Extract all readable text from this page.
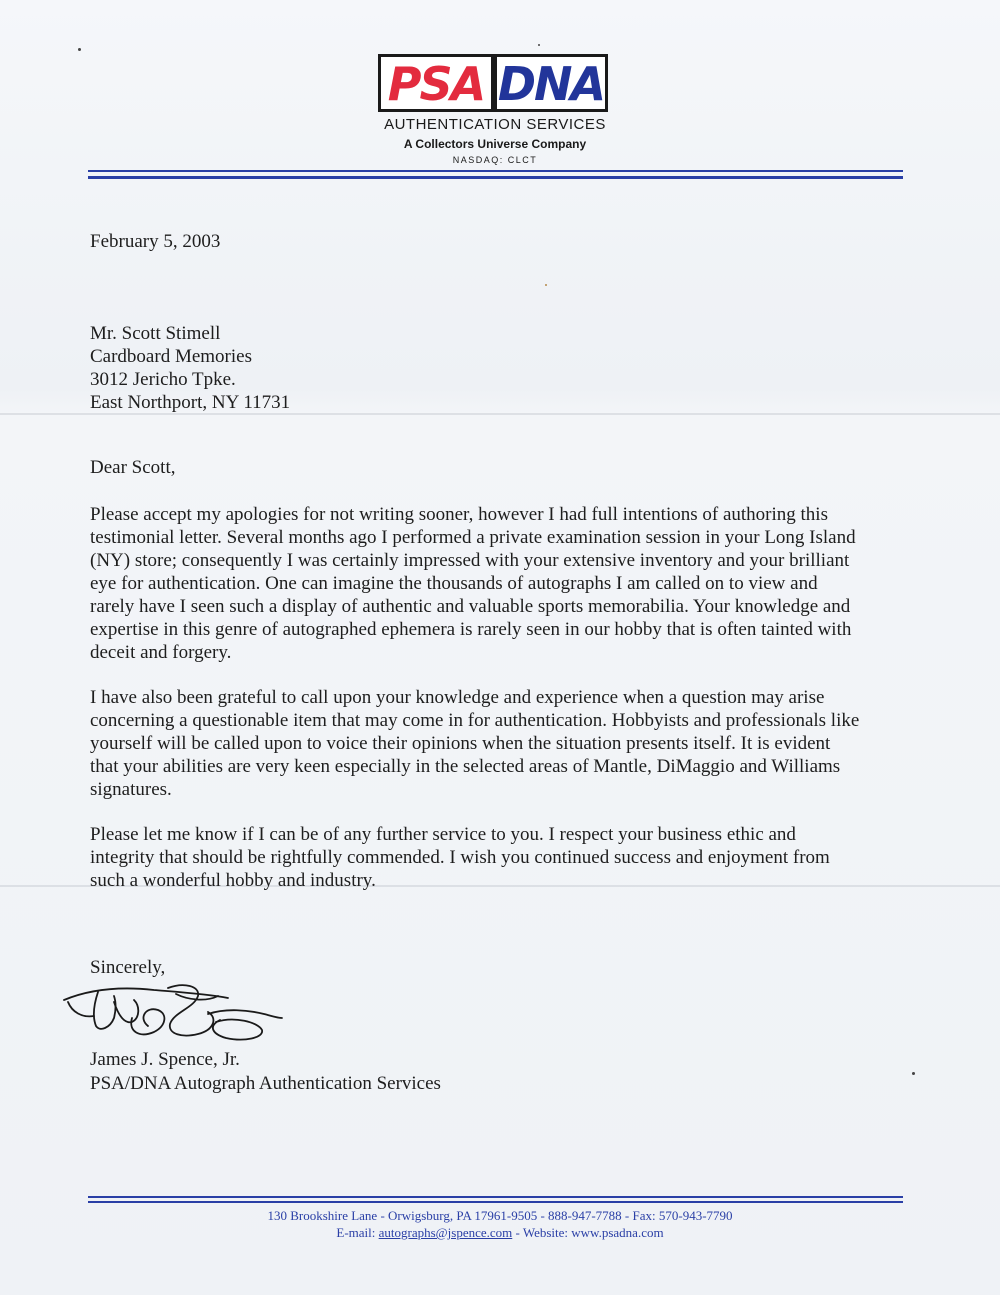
PSA DNA
AUTHENTICATION SERVICES
A Collectors Universe Company
NASDAQ: CLCT
February 5, 2003
Mr. Scott Stimell
Cardboard Memories
3012 Jericho Tpke.
East Northport, NY 11731
Dear Scott,

Please accept my apologies for not writing sooner, however I had full intentions of authoring this

testimonial letter. Several months ago I performed a private examination session in your Long Island

(NY) store; consequently I was certainly impressed with your extensive inventory and your brilliant

eye for authentication. One can imagine the thousands of autographs I am called on to view and

rarely have I seen such a display of authentic and valuable sports memorabilia. Your knowledge and

expertise in this genre of autographed ephemera is rarely seen in our hobby that is often tainted with

deceit and forgery.

I have also been grateful to call upon your knowledge and experience when a question may arise

concerning a questionable item that may come in for authentication. Hobbyists and professionals like

yourself will be called upon to voice their opinions when the situation presents itself. It is evident

that your abilities are very keen especially in the selected areas of Mantle, DiMaggio and Williams

signatures.

Please let me know if I can be of any further service to you. I respect your business ethic and

integrity that should be rightfully commended. I wish you continued success and enjoyment from

such a wonderful hobby and industry.

Sincerely,
James J. Spence, Jr.
PSA/DNA Autograph Authentication Services
130 Brookshire Lane - Orwigsburg, PA 17961-9505 - 888-947-7788 - Fax: 570-943-7790
E-mail: autographs@jspence.com - Website: www.psadna.com
